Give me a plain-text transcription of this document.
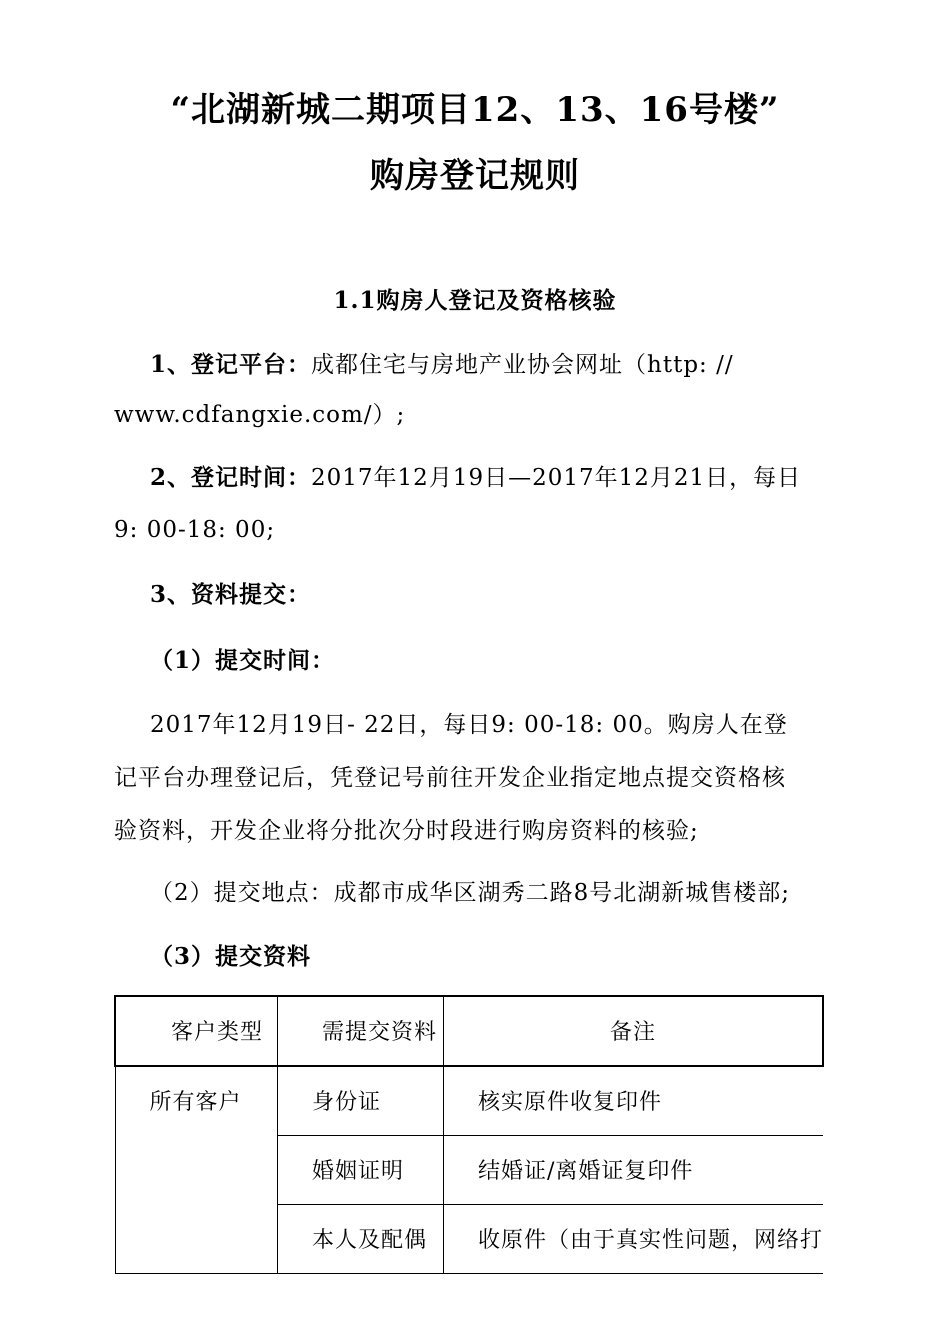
“北湖新城二期项目12、13、16号楼”
购房登记规则
1.1购房人登记及资格核验
1、登记平台：成都住宅与房地产业协会网址（http: //
www.cdfangxie.com/）;
2、登记时间：2017年12月19日—2017年12月21日，每日
9: 00-18: 00;
3、资料提交：
（1）提交时间：
2017年12月19日- 22日，每日9: 00-18: 00。购房人在登
记平台办理登记后，凭登记号前往开发企业指定地点提交资格核
验资料，开发企业将分批次分时段进行购房资料的核验;
（2）提交地点：成都市成华区湖秀二路8号北湖新城售楼部;
（3）提交资料
客户类型	需提交资料	备注

所有客户	身份证	核实原件收复印件

	婚姻证明	结婚证/离婚证复印件

	本人及配偶	收原件（由于真实性问题，网络打
